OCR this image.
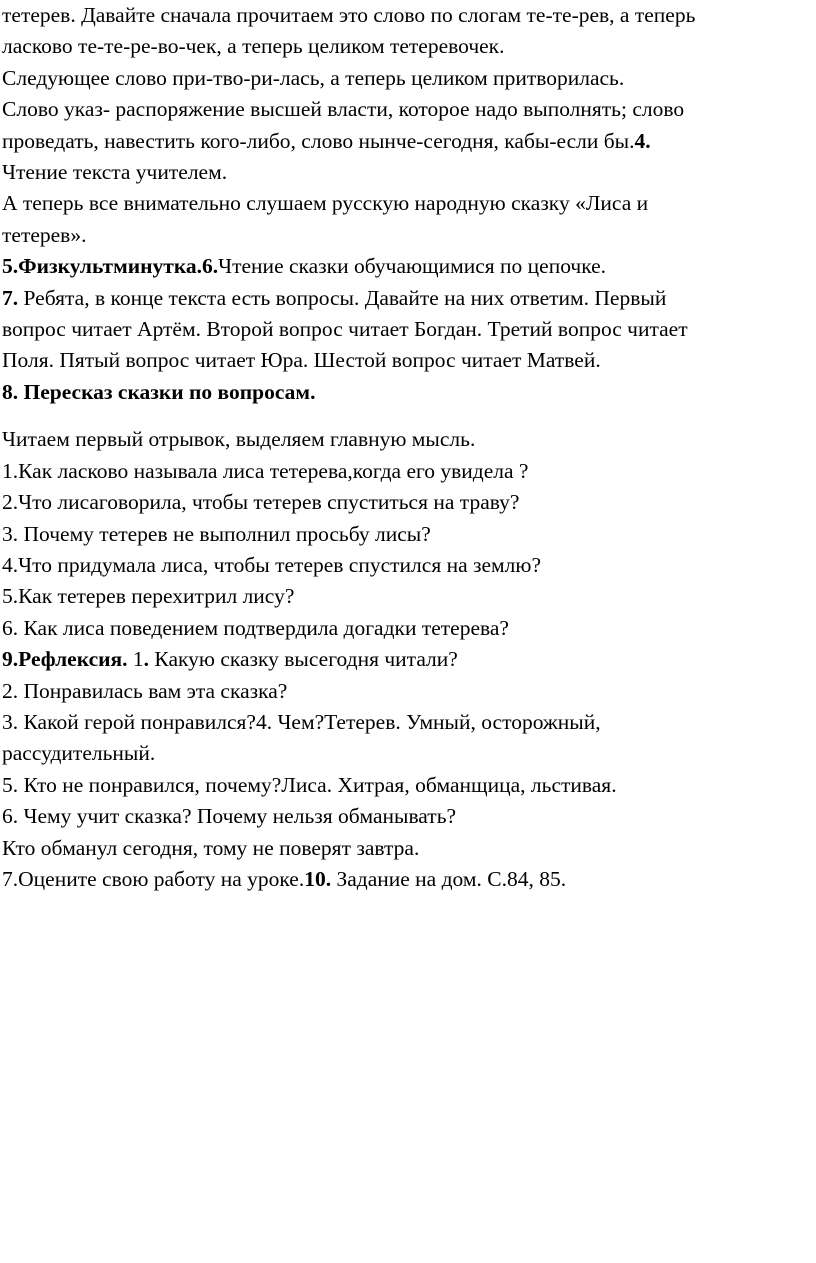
тетерев. Давайте сначала прочитаем это слово по слогам те-те-рев, а теперь

ласково те-те-ре-во-чек, а теперь целиком тетеревочек.

Следующее слово при-тво-ри-лась, а теперь целиком притворилась.

Слово указ- распоряжение высшей власти, которое надо выполнять; слово

проведать, навестить кого-либо, слово нынче-сегодня, кабы-если бы.4.

Чтение текста учителем.

А теперь все внимательно слушаем русскую народную сказку «Лиса и

тетерев».

5.Физкультминутка.6.Чтение сказки обучающимися по цепочке.

7. Ребята, в конце текста есть вопросы. Давайте на них ответим. Первый

вопрос читает Артём. Второй вопрос читает Богдан. Третий вопрос читает

Поля. Пятый вопрос читает Юра. Шестой вопрос читает Матвей.

8. Пересказ сказки по вопросам.

Читаем первый отрывок, выделяем главную мысль.

1.Как ласково называла лиса тетерева,когда его увидела ?

2.Что лисаговорила, чтобы тетерев спуститься на траву?

3. Почему тетерев не выполнил просьбу лисы?

4.Что придумала лиса, чтобы тетерев спустился на землю?

5.Как тетерев перехитрил лису?

6. Как лиса поведением подтвердила догадки тетерева?

9.Рефлексия. 1. Какую сказку высегодня читали?

2. Понравилась вам эта сказка?

3. Какой герой понравился?4. Чем?Тетерев. Умный, осторожный,

рассудительный.

5. Кто не понравился, почему?Лиса. Хитрая, обманщица, льстивая.

6. Чему учит сказка? Почему нельзя обманывать?

Кто обманул сегодня, тому не поверят завтра.

7.Оцените свою работу на уроке.10. Задание на дом. С.84, 85.
